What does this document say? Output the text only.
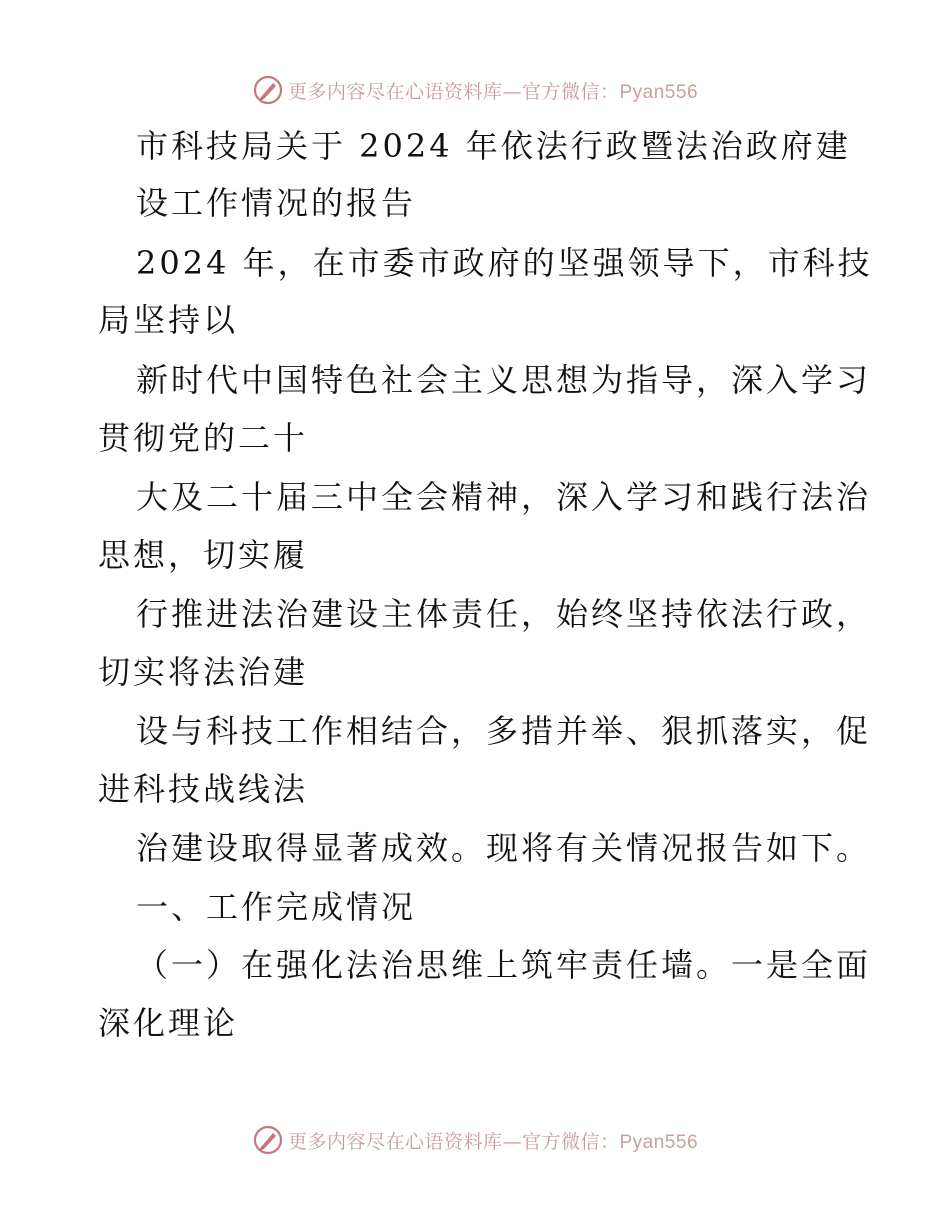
更多内容尽在心语资料库—官方微信：Pyan556
市科技局关于 2024 年依法行政暨法治政府建
设工作情况的报告
2024 年，在市委市政府的坚强领导下，市科技
局坚持以
新时代中国特色社会主义思想为指导，深入学习
贯彻党的二十
大及二十届三中全会精神，深入学习和践行法治
思想，切实履
行推进法治建设主体责任，始终坚持依法行政，
切实将法治建
设与科技工作相结合，多措并举、狠抓落实，促
进科技战线法
治建设取得显著成效。现将有关情况报告如下。
一、工作完成情况
（一）在强化法治思维上筑牢责任墙。一是全面
深化理论
更多内容尽在心语资料库—官方微信：Pyan556
